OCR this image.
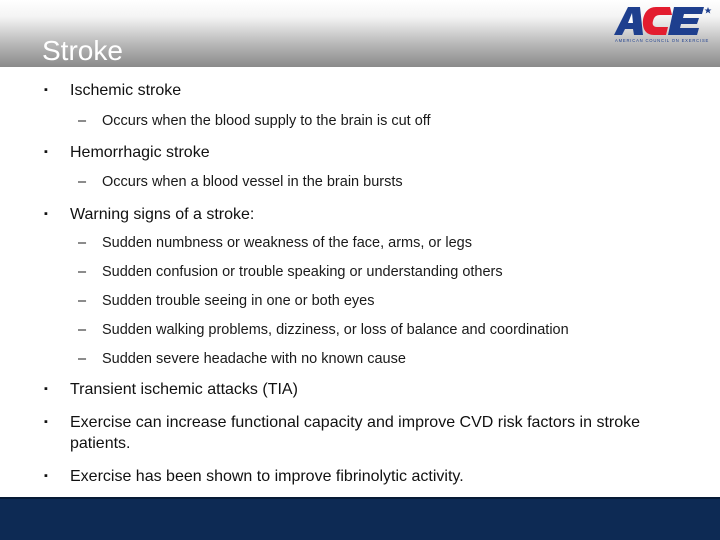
Stroke	AMERICAN COUNCIL ON EXERCISE
▪ Ischemic stroke
– Occurs when the blood supply to the brain is cut off
▪ Hemorrhagic stroke
– Occurs when a blood vessel in the brain bursts
▪ Warning signs of a stroke:
– Sudden numbness or weakness of the face, arms, or legs
– Sudden confusion or trouble speaking or understanding others
– Sudden trouble seeing in one or both eyes
– Sudden walking problems, dizziness, or loss of balance and coordination
– Sudden severe headache with no known cause
▪ Transient ischemic attacks (TIA)
▪ Exercise can increase functional capacity and improve CVD risk factors in stroke patients.
▪ Exercise has been shown to improve fibrinolytic activity.
